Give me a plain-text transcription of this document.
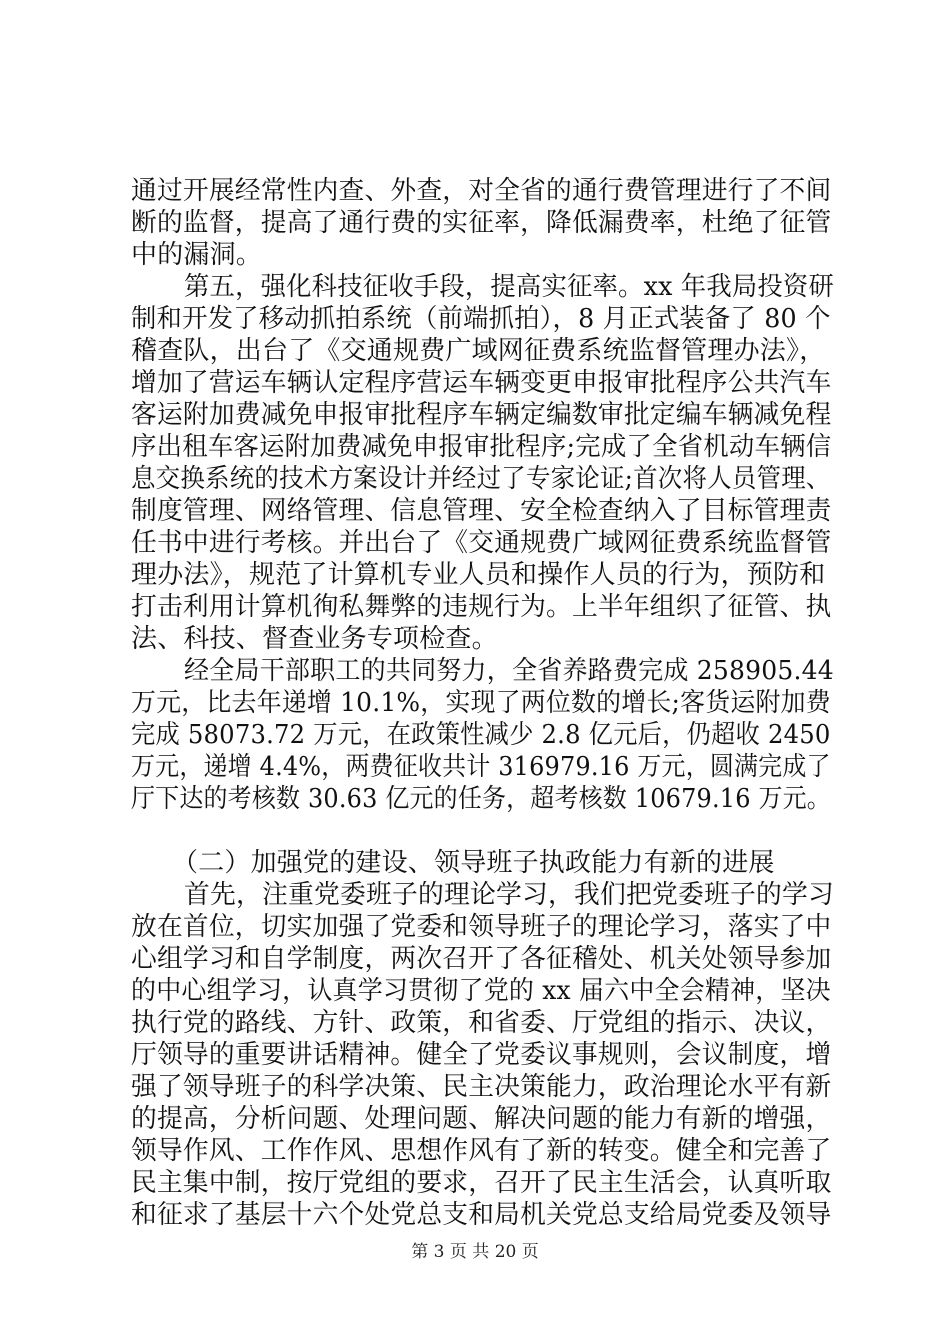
通过开展经常性内查、外查，对全省的通行费管理进行了不间
断的监督，提高了通行费的实征率，降低漏费率，杜绝了征管
中的漏洞。
第五，强化科技征收手段，提高实征率。xx 年我局投资研
制和开发了移动抓拍系统（前端抓拍），8 月正式装备了 80 个
稽查队，出台了《交通规费广域网征费系统监督管理办法》，
增加了营运车辆认定程序营运车辆变更申报审批程序公共汽车
客运附加费减免申报审批程序车辆定编数审批定编车辆减免程
序出租车客运附加费减免申报审批程序;完成了全省机动车辆信
息交换系统的技术方案设计并经过了专家论证;首次将人员管理、
制度管理、网络管理、信息管理、安全检查纳入了目标管理责
任书中进行考核。并出台了《交通规费广域网征费系统监督管
理办法》，规范了计算机专业人员和操作人员的行为，预防和
打击利用计算机徇私舞弊的违规行为。上半年组织了征管、执
法、科技、督查业务专项检查。
经全局干部职工的共同努力，全省养路费完成 258905.44
万元，比去年递增 10.1%，实现了两位数的增长;客货运附加费
完成 58073.72 万元，在政策性减少 2.8 亿元后，仍超收 2450
万元，递增 4.4%，两费征收共计 316979.16 万元，圆满完成了
厅下达的考核数 30.63 亿元的任务，超考核数 10679.16 万元。
（二）加强党的建设、领导班子执政能力有新的进展
首先，注重党委班子的理论学习，我们把党委班子的学习
放在首位，切实加强了党委和领导班子的理论学习，落实了中
心组学习和自学制度，两次召开了各征稽处、机关处领导参加
的中心组学习，认真学习贯彻了党的 xx 届六中全会精神，坚决
执行党的路线、方针、政策，和省委、厅党组的指示、决议，
厅领导的重要讲话精神。健全了党委议事规则，会议制度，增
强了领导班子的科学决策、民主决策能力，政治理论水平有新
的提高，分析问题、处理问题、解决问题的能力有新的增强，
领导作风、工作作风、思想作风有了新的转变。健全和完善了
民主集中制，按厅党组的要求，召开了民主生活会，认真听取
和征求了基层十六个处党总支和局机关党总支给局党委及领导
第 3 页 共 20 页
